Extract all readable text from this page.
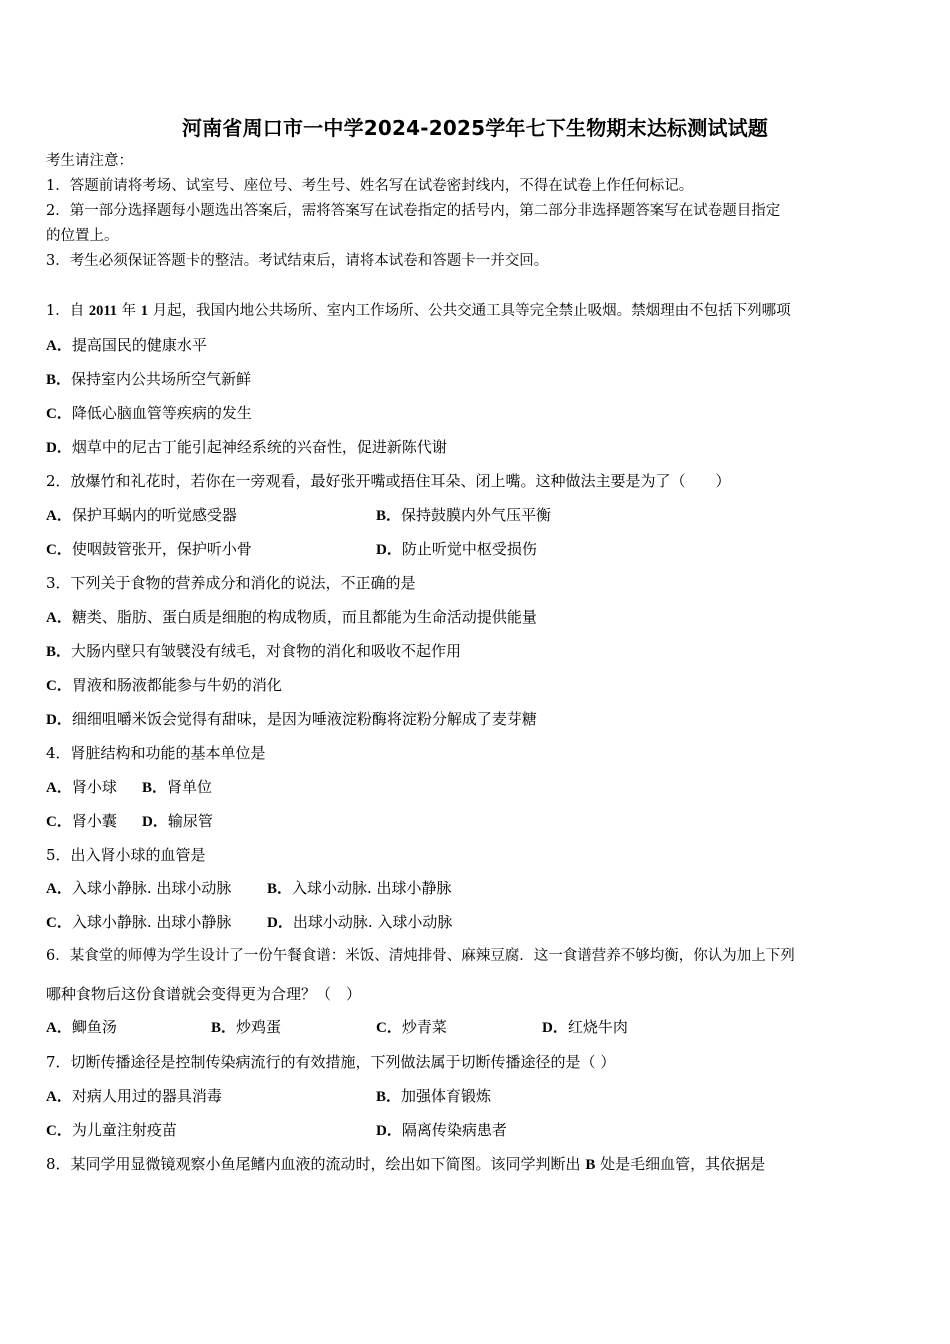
河南省周口市一中学2024-2025学年七下生物期末达标测试试题
考生请注意：
1．答题前请将考场、试室号、座位号、考生号、姓名写在试卷密封线内，不得在试卷上作任何标记。
2．第一部分选择题每小题选出答案后，需将答案写在试卷指定的括号内，第二部分非选择题答案写在试卷题目指定
的位置上。
3．考生必须保证答题卡的整洁。考试结束后，请将本试卷和答题卡一并交回。
1．自 2011 年 1 月起，我国内地公共场所、室内工作场所、公共交通工具等完全禁止吸烟。禁烟理由不包括下列哪项
A．提高国民的健康水平
B．保持室内公共场所空气新鲜
C．降低心脑血管等疾病的发生
D．烟草中的尼古丁能引起神经系统的兴奋性，促进新陈代谢
2．放爆竹和礼花时，若你在一旁观看，最好张开嘴或捂住耳朵、闭上嘴。这种做法主要是为了（　　）
A．保护耳蜗内的听觉感受器	B．保持鼓膜内外气压平衡
C．使咽鼓管张开，保护听小骨	D．防止听觉中枢受损伤
3．下列关于食物的营养成分和消化的说法，不正确的是
A．糖类、脂肪、蛋白质是细胞的构成物质，而且都能为生命活动提供能量
B．大肠内壁只有皱襞没有绒毛，对食物的消化和吸收不起作用
C．胃液和肠液都能参与牛奶的消化
D．细细咀嚼米饭会觉得有甜味，是因为唾液淀粉酶将淀粉分解成了麦芽糖
4．肾脏结构和功能的基本单位是
A．肾小球 B．肾单位
C．肾小囊 D．输尿管
5．出入肾小球的血管是
A．入球小静脉. 出球小动脉 B．入球小动脉. 出球小静脉
C．入球小静脉. 出球小静脉 D．出球小动脉. 入球小动脉
6．某食堂的师傅为学生设计了一份午餐食谱：米饭、清炖排骨、麻辣豆腐．这一食谱营养不够均衡，你认为加上下列
哪种食物后这份食谱就会变得更为合理？（　）
A．鲫鱼汤	B．炒鸡蛋	C．炒青菜	D．红烧牛肉
7．切断传播途径是控制传染病流行的有效措施，下列做法属于切断传播途径的是（ ）
A．对病人用过的器具消毒	B．加强体育锻炼
C．为儿童注射疫苗	D．隔离传染病患者
8．某同学用显微镜观察小鱼尾鳍内血液的流动时，绘出如下简图。该同学判断出 B 处是毛细血管，其依据是
